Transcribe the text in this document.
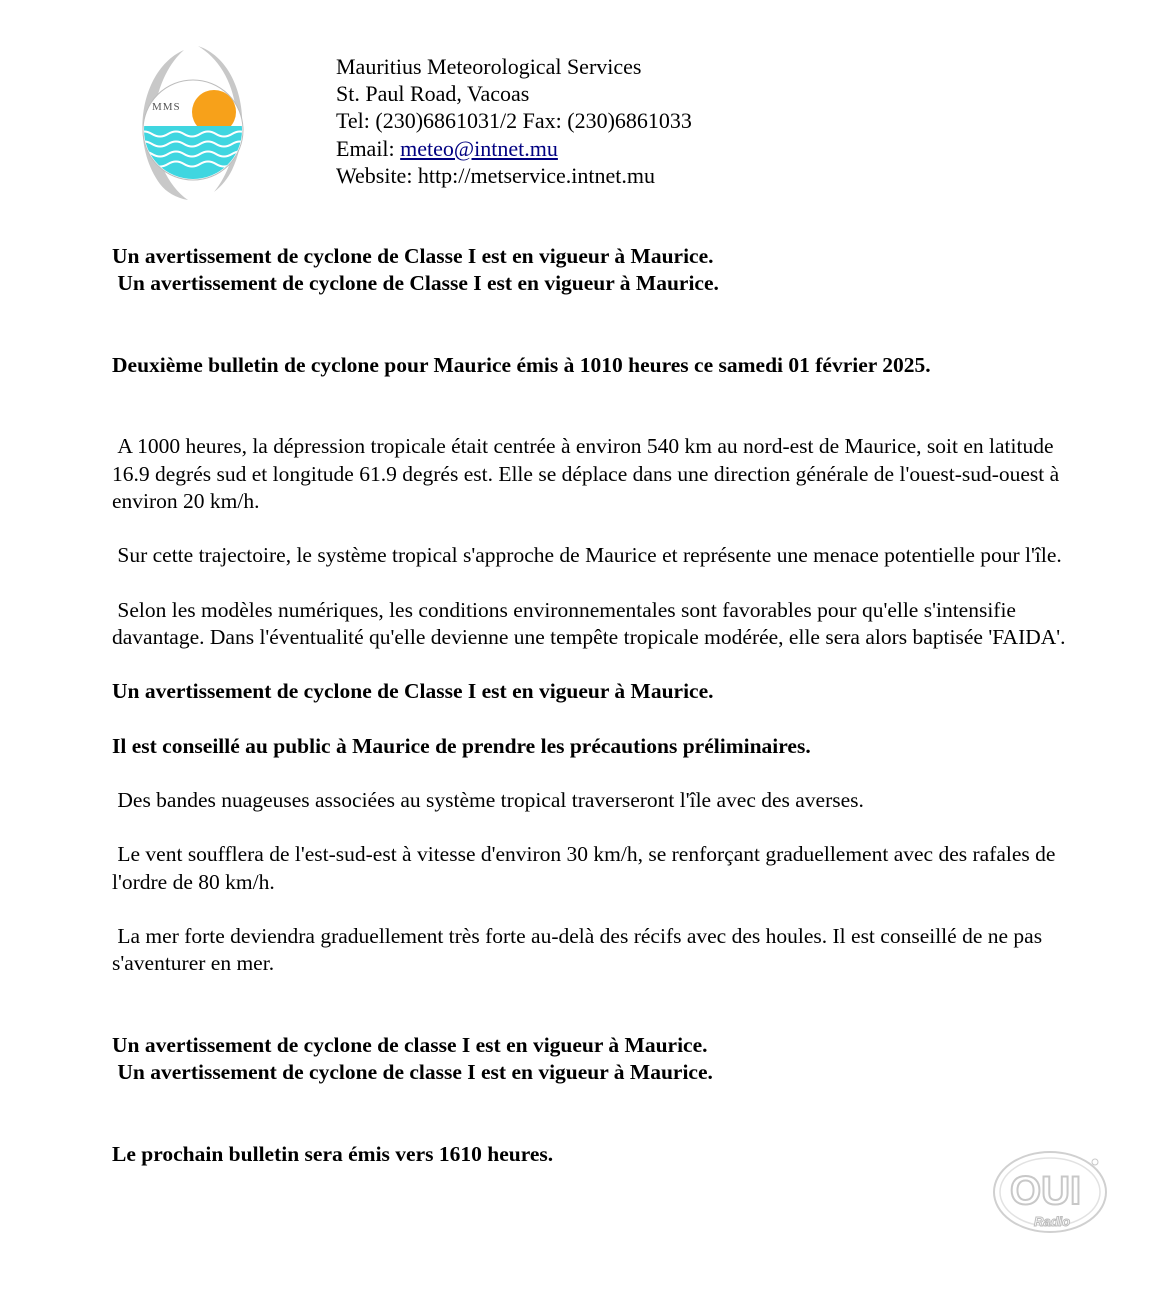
MMS
Mauritius Meteorological Services
St. Paul Road, Vacoas
Tel: (230)6861031/2 Fax: (230)6861033
Email: meteo@intnet.mu
Website: http://metservice.intnet.mu

Un avertissement de cyclone de Classe I est en vigueur à Maurice.

Un avertissement de cyclone de Classe I est en vigueur à Maurice.

Deuxième bulletin de cyclone pour Maurice émis à 1010 heures ce samedi 01 février 2025.

A 1000 heures, la dépression tropicale était centrée à environ 540 km au nord-est de Maurice, soit en latitude 16.9 degrés sud et longitude 61.9 degrés est. Elle se déplace dans une direction générale de l'ouest-sud-ouest à environ 20 km/h.

Sur cette trajectoire, le système tropical s'approche de Maurice et représente une menace potentielle pour l'île.

Selon les modèles numériques, les conditions environnementales sont favorables pour qu'elle s'intensifie davantage. Dans l'éventualité qu'elle devienne une tempête tropicale modérée, elle sera alors baptisée 'FAIDA'.

Un avertissement de cyclone de Classe I est en vigueur à Maurice.

Il est conseillé au public à Maurice de prendre les précautions préliminaires.

Des bandes nuageuses associées au système tropical traverseront l'île avec des averses.

Le vent soufflera de l'est-sud-est à vitesse d'environ 30 km/h, se renforçant graduellement avec des rafales de l'ordre de 80 km/h.

La mer forte deviendra graduellement très forte au-delà des récifs avec des houles. Il est conseillé de ne pas s'aventurer en mer.

Un avertissement de cyclone de classe I est en vigueur à Maurice.

Un avertissement de cyclone de classe I est en vigueur à Maurice.

Le prochain bulletin sera émis vers 1610 heures.

OUI
Radio
